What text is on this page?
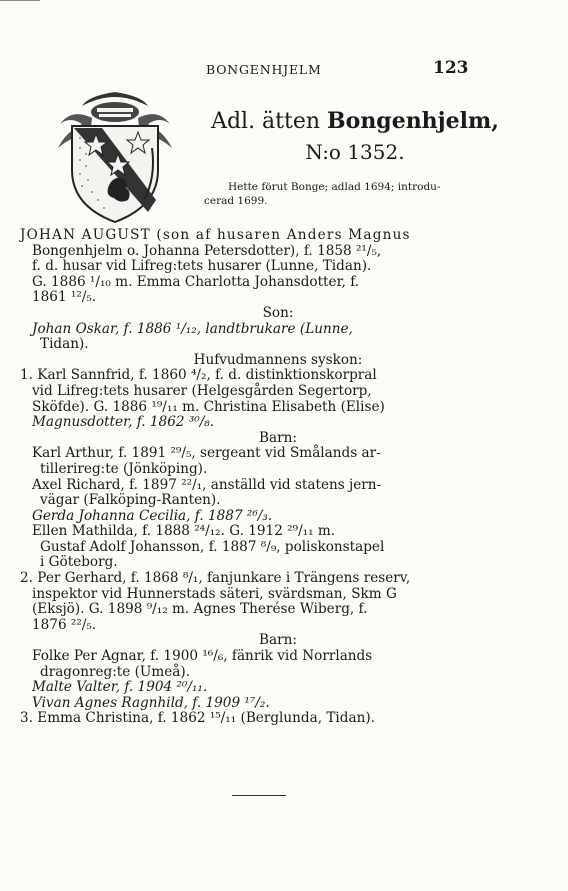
BONGENHJELM	123
Adl. ätten Bongenhjelm,
N:o 1352.
Hette förut Bonge; adlad 1694; introdu-
cerad 1699.
JOHAN AUGUST (son af husaren Anders Magnus
Bongenhjelm o. Johanna Petersdotter), f. 1858 ²¹/₅,
f. d. husar vid Lifreg:tets husarer (Lunne, Tidan).
G. 1886 ¹/₁₀ m. Emma Charlotta Johansdotter, f.
1861 ¹²/₅.
Son:
Johan Oskar, f. 1886 ¹/₁₂, landtbrukare (Lunne,
Tidan).
Hufvudmannens syskon:
1. Karl Sannfrid, f. 1860 ⁴/₂, f. d. distinktionskorpral
vid Lifreg:tets husarer (Helgesgården Segertorp,
Sköfde). G. 1886 ¹⁹/₁₁ m. Christina Elisabeth (Elise)
Magnusdotter, f. 1862 ³⁰/₈.
Barn:
Karl Arthur, f. 1891 ²⁹/₅, sergeant vid Smålands ar-
tillerireg:te (Jönköping).
Axel Richard, f. 1897 ²²/₁, anställd vid statens jern-
vägar (Falköping-Ranten).
Gerda Johanna Cecilia, f. 1887 ²⁶/₃.
Ellen Mathilda, f. 1888 ²⁴/₁₂. G. 1912 ²⁹/₁₁ m.
Gustaf Adolf Johansson, f. 1887 ⁸/₉, poliskonstapel
i Göteborg.
2. Per Gerhard, f. 1868 ⁸/₁, fanjunkare i Trängens reserv,
inspektor vid Hunnerstads säteri, svärdsman, Skm G
(Eksjö). G. 1898 ⁹/₁₂ m. Agnes Therése Wiberg, f.
1876 ²²/₅.
Barn:
Folke Per Agnar, f. 1900 ¹⁶/₆, fänrik vid Norrlands
dragonreg:te (Umeå).
Malte Valter, f. 1904 ²⁰/₁₁.
Vivan Agnes Ragnhild, f. 1909 ¹⁷/₂.
3. Emma Christina, f. 1862 ¹⁵/₁₁ (Berglunda, Tidan).
